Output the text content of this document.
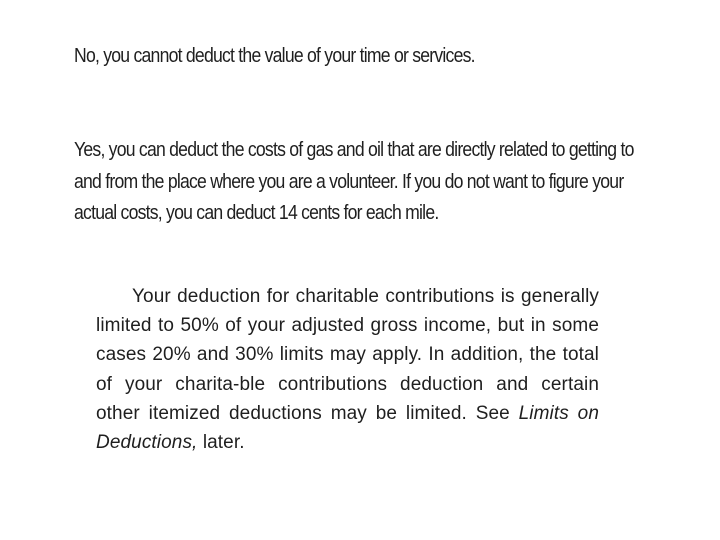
No, you cannot deduct the value of your time or services.

Yes, you can deduct the costs of gas and oil that are directly related to getting to and from the place where you are a volunteer. If you do not want to figure your actual costs, you can deduct 14 cents for each mile.

Your deduction for charitable contributions is generally limited to 50% of your adjusted gross income, but in some cases 20% and 30% limits may apply. In addition, the total of your charita-ble contributions deduction and certain other itemized deductions may be limited. See Limits on Deductions, later.
